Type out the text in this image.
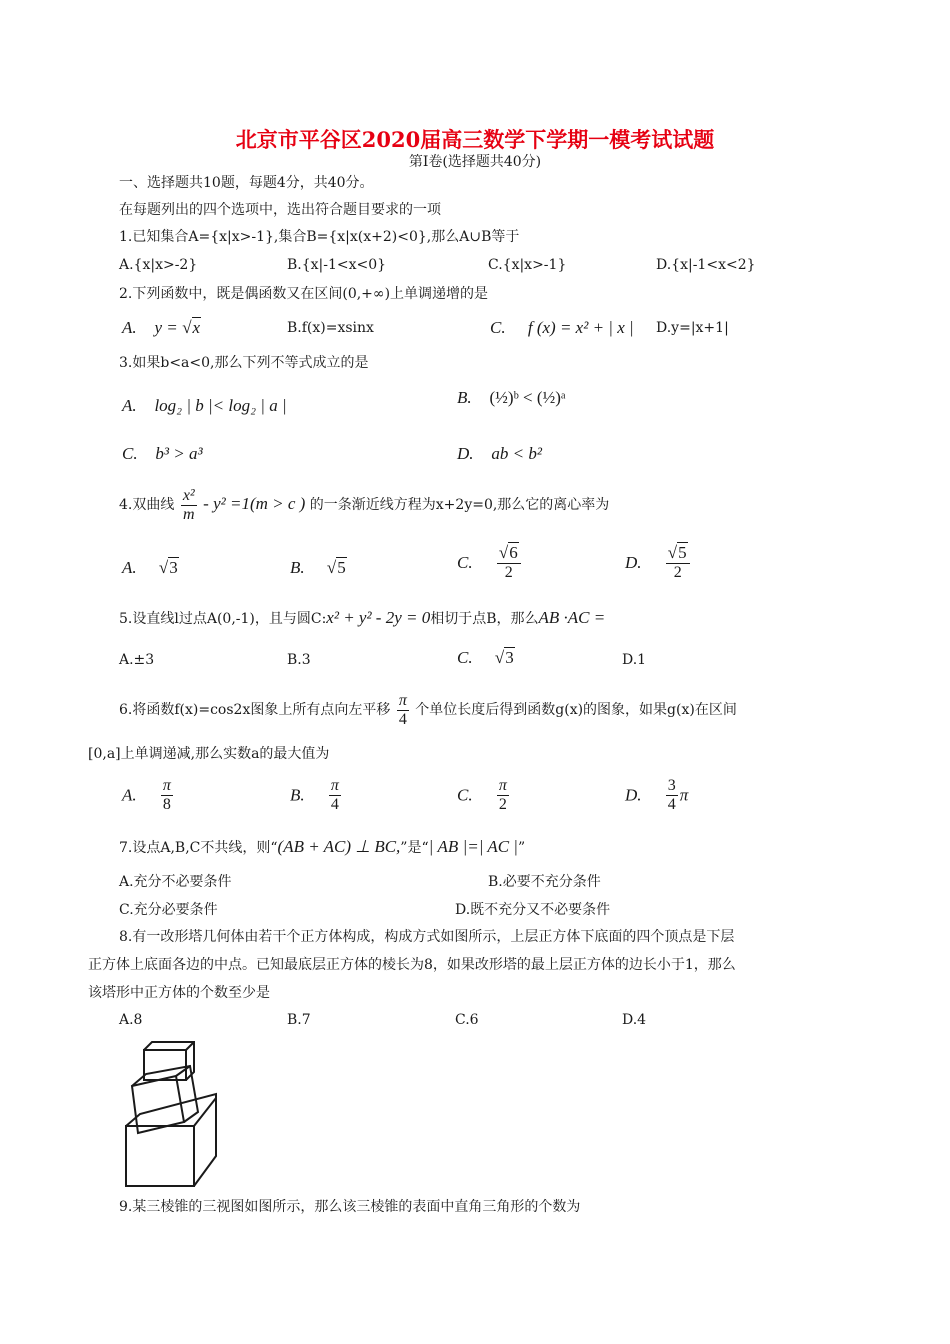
北京市平谷区2020届高三数学下学期一模考试试题
第Ⅰ卷(选择题共40分)
一、选择题共10题，每题4分，共40分。
在每题列出的四个选项中，选出符合题目要求的一项
1.已知集合A={x|x>-1},集合B={x|x(x+2)<0},那么A∪B等于
A.{x|x>-2}	B.{x|-1<x<0}	C.{x|x>-1}	D.{x|-1<x<2}
2.下列函数中，既是偶函数又在区间(0,+∞)上单调递增的是
A. y = √x	B.f(x)=xsinx	C. f (x) = x² + | x | D.y=|x+1|
3.如果b<a<0,那么下列不等式成立的是
A. log₂ | b |< log₂ | a |	B. (½)ᵇ < (½)ᵃ
C. b³ > a³	D. ab < b²
4.双曲线 $\frac{\text{x²}}{m} - y^2 =1(m > c$ ) 的一条渐近线方程为x+2y=0,那么它的离心率为
A. √3	B. √5	C. $\frac{√6}{2}$	D. $\frac{√5}{2}$
5.设直线l过点A(0,-1)，且与圆C:x² + y² - 2y = 0相切于点B，那么AB ·AC =
A.±3	B.3	C. √3	D.1
6.将函数f(x)=cos2x图象上所有点向左平移 $\frac{\pi}{4}$ 个单位长度后得到函数g(x)的图象，如果g(x)在区间
[0,a]上单调递减,那么实数a的最大值为
A. $\frac{\pi}{8}$	B. $\frac{\pi}{4}$	C. $\frac{\pi}{2}$	D. $\frac{3}{4}$ π
7.设点A,B,C不共线，则“(AB + AC) ⊥ BC,”是“| AB |=| AC |”
A.充分不必要条件	B.必要不充分条件
C.充分必要条件	D.既不充分又不必要条件
8.有一改形塔几何体由若干个正方体构成，构成方式如图所示，上层正方体下底面的四个顶点是下层
正方体上底面各边的中点。已知最底层正方体的棱长为8，如果改形塔的最上层正方体的边长小于1，那么
该塔形中正方体的个数至少是
A.8	B.7	C.6	D.4
9.某三棱锥的三视图如图所示，那么该三棱锥的表面中直角三角形的个数为
